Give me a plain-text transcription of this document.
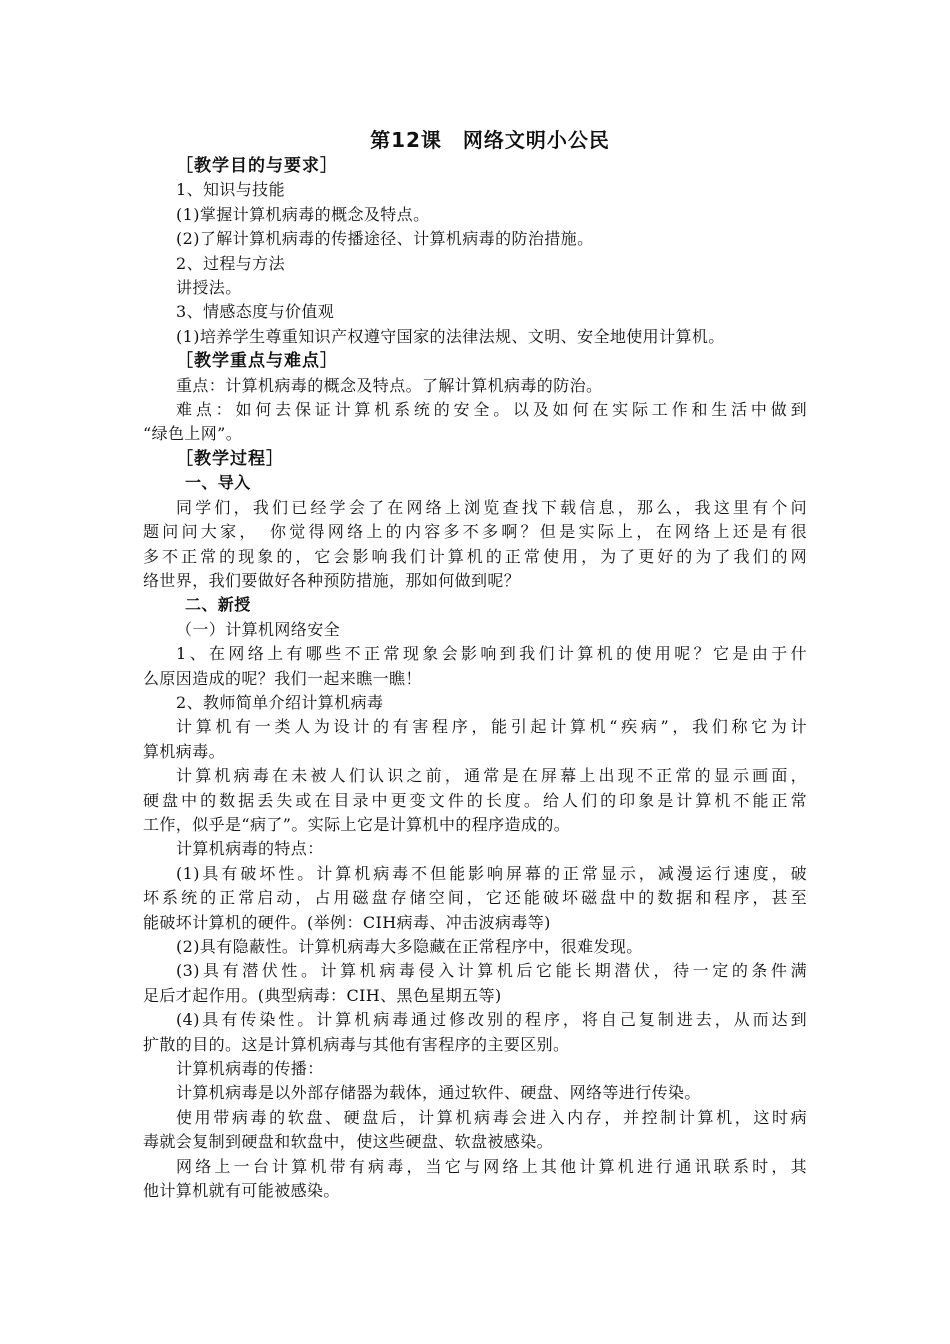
第12课　网络文明小公民

［教学目的与要求］

1、知识与技能

(1)掌握计算机病毒的概念及特点。

(2)了解计算机病毒的传播途径、计算机病毒的防治措施。

2、过程与方法

讲授法。

3、情感态度与价值观

(1)培养学生尊重知识产权遵守国家的法律法规、文明、安全地使用计算机。

［教学重点与难点］

重点：计算机病毒的概念及特点。了解计算机病毒的防治。

难点：如何去保证计算机系统的安全。以及如何在实际工作和生活中做到

“绿色上网”。

［教学过程］

一、导入

同学们，我们已经学会了在网络上浏览查找下载信息，那么，我这里有个问

题问问大家，　你觉得网络上的内容多不多啊？但是实际上，在网络上还是有很

多不正常的现象的，它会影响我们计算机的正常使用，为了更好的为了我们的网

络世界，我们要做好各种预防措施，那如何做到呢？

二、新授

（一）计算机网络安全

1、在网络上有哪些不正常现象会影响到我们计算机的使用呢？它是由于什

么原因造成的呢？我们一起来瞧一瞧！

2、教师简单介绍计算机病毒

计算机有一类人为设计的有害程序，能引起计算机“疾病”，我们称它为计

算机病毒。

计算机病毒在未被人们认识之前，通常是在屏幕上出现不正常的显示画面，

硬盘中的数据丢失或在目录中更变文件的长度。给人们的印象是计算机不能正常

工作，似乎是“病了”。实际上它是计算机中的程序造成的。

计算机病毒的特点：

(1)具有破坏性。计算机病毒不但能影响屏幕的正常显示，减漫运行速度，破

坏系统的正常启动，占用磁盘存储空间，它还能破坏磁盘中的数据和程序，甚至

能破坏计算机的硬件。(举例：CIH病毒、冲击波病毒等)

(2)具有隐蔽性。计算机病毒大多隐藏在正常程序中，很难发现。

(3)具有潜伏性。计算机病毒侵入计算机后它能长期潜伏，待一定的条件满

足后才起作用。(典型病毒：CIH、黑色星期五等)

(4)具有传染性。计算机病毒通过修改别的程序，将自己复制进去，从而达到

扩散的目的。这是计算机病毒与其他有害程序的主要区别。

计算机病毒的传播：

计算机病毒是以外部存储器为载体，通过软件、硬盘、网络等进行传染。

使用带病毒的软盘、硬盘后，计算机病毒会进入内存，并控制计算机，这时病

毒就会复制到硬盘和软盘中，使这些硬盘、软盘被感染。

网络上一台计算机带有病毒，当它与网络上其他计算机进行通讯联系时，其

他计算机就有可能被感染。
